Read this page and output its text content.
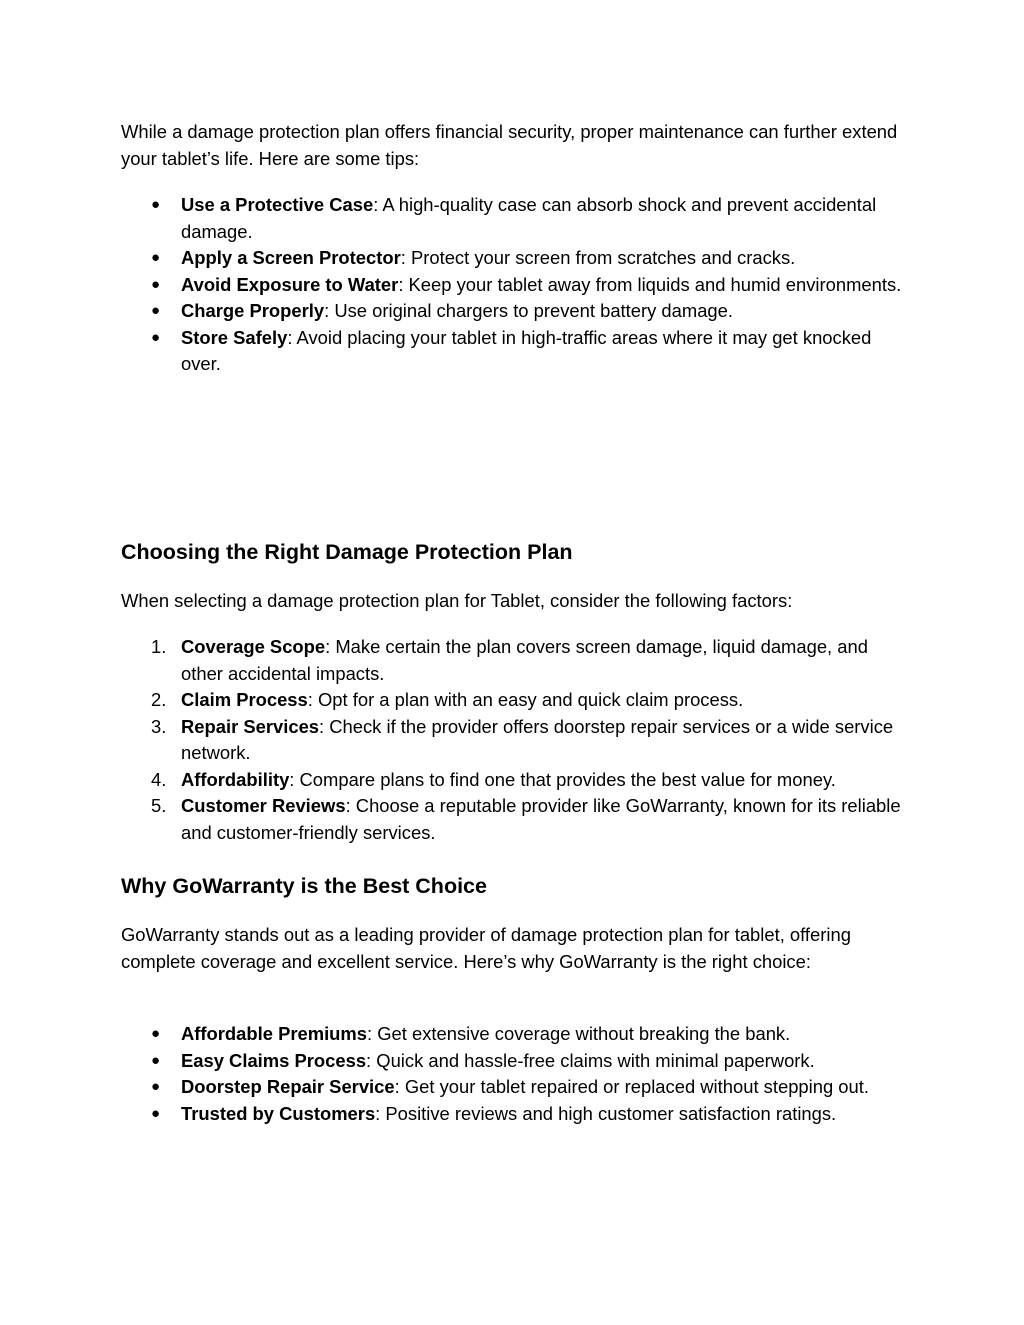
While a damage protection plan offers financial security, proper maintenance can further extend your tablet’s life. Here are some tips:

● Use a Protective Case: A high-quality case can absorb shock and prevent accidental damage.
● Apply a Screen Protector: Protect your screen from scratches and cracks.
● Avoid Exposure to Water: Keep your tablet away from liquids and humid environments.
● Charge Properly: Use original chargers to prevent battery damage.
● Store Safely: Avoid placing your tablet in high-traffic areas where it may get knocked over.
Choosing the Right Damage Protection Plan

When selecting a damage protection plan for Tablet, consider the following factors:

1. Coverage Scope: Make certain the plan covers screen damage, liquid damage, and other accidental impacts.
2. Claim Process: Opt for a plan with an easy and quick claim process.
3. Repair Services: Check if the provider offers doorstep repair services or a wide service network.
4. Affordability: Compare plans to find one that provides the best value for money.
5. Customer Reviews: Choose a reputable provider like GoWarranty, known for its reliable and customer-friendly services.
Why GoWarranty is the Best Choice

GoWarranty stands out as a leading provider of damage protection plan for tablet, offering complete coverage and excellent service. Here’s why GoWarranty is the right choice:

● Affordable Premiums: Get extensive coverage without breaking the bank.
● Easy Claims Process: Quick and hassle-free claims with minimal paperwork.
● Doorstep Repair Service: Get your tablet repaired or replaced without stepping out.
● Trusted by Customers: Positive reviews and high customer satisfaction ratings.
